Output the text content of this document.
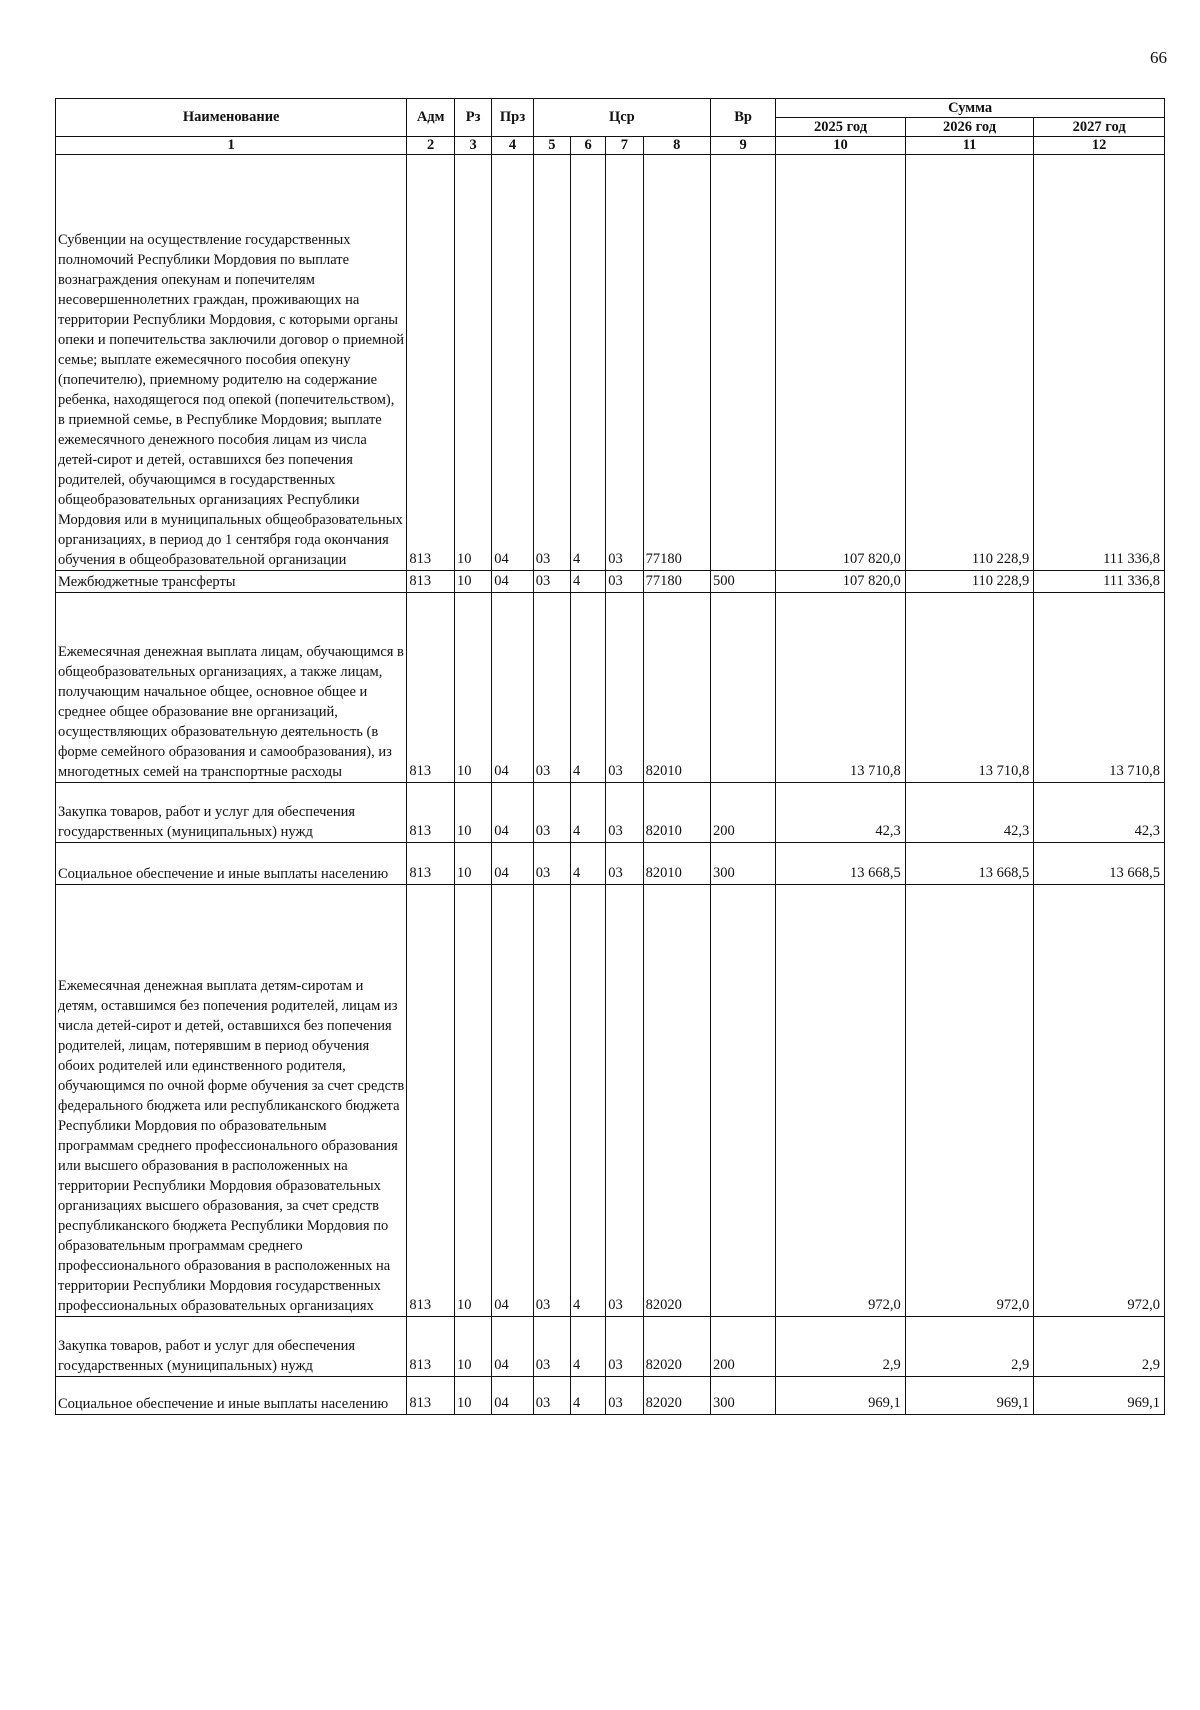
66
Наименование	Адм	Рз	Прз	Цср				Вр	Сумма		
									2025 год	2026 год	2027 год
1	2	3	4	5	6	7	8	9	10	11	12
Субвенции на осуществление государственных полномочий Республики Мордовия по выплате вознаграждения опекунам и попечителям несовершеннолетних граждан, проживающих на территории Республики Мордовия, с которыми органы опеки и попечительства заключили договор о приемной семье; выплате ежемесячного пособия опекуну (попечителю), приемному родителю на содержание ребенка, находящегося под опекой (попечительством), в приемной семье, в Республике Мордовия; выплате ежемесячного денежного пособия лицам из числа детей-сирот и детей, оставшихся без попечения родителей, обучающимся в государственных общеобразовательных организациях Республики Мордовия или в муниципальных общеобразовательных организациях, в период до 1 сентября года окончания обучения в общеобразовательной организации	813	10	04	03	4	03	77180		107 820,0	110 228,9	111 336,8
Межбюджетные трансферты	813	10	04	03	4	03	77180	500	107 820,0	110 228,9	111 336,8
Ежемесячная денежная выплата лицам, обучающимся в общеобразовательных организациях, а также лицам, получающим начальное общее, основное общее и среднее общее образование вне организаций, осуществляющих образовательную деятельность (в форме семейного образования и самообразования), из многодетных семей на транспортные расходы	813	10	04	03	4	03	82010		13 710,8	13 710,8	13 710,8
Закупка товаров, работ и услуг для обеспечения государственных (муниципальных) нужд	813	10	04	03	4	03	82010	200	42,3	42,3	42,3
Социальное обеспечение и иные выплаты населению	813	10	04	03	4	03	82010	300	13 668,5	13 668,5	13 668,5
Ежемесячная денежная выплата детям-сиротам и детям, оставшимся без попечения родителей, лицам из числа детей-сирот и детей, оставшихся без попечения родителей, лицам, потерявшим в период обучения обоих родителей или единственного родителя, обучающимся по очной форме обучения за счет средств федерального бюджета или республиканского бюджета Республики Мордовия по образовательным программам среднего профессионального образования или высшего образования в расположенных на территории Республики Мордовия образовательных организациях высшего образования, за счет средств республиканского бюджета Республики Мордовия по образовательным программам среднего профессионального образования в расположенных на территории Республики Мордовия государственных профессиональных образовательных организациях	813	10	04	03	4	03	82020		972,0	972,0	972,0
Закупка товаров, работ и услуг для обеспечения государственных (муниципальных) нужд	813	10	04	03	4	03	82020	200	2,9	2,9	2,9
Социальное обеспечение и иные выплаты населению	813	10	04	03	4	03	82020	300	969,1	969,1	969,1
